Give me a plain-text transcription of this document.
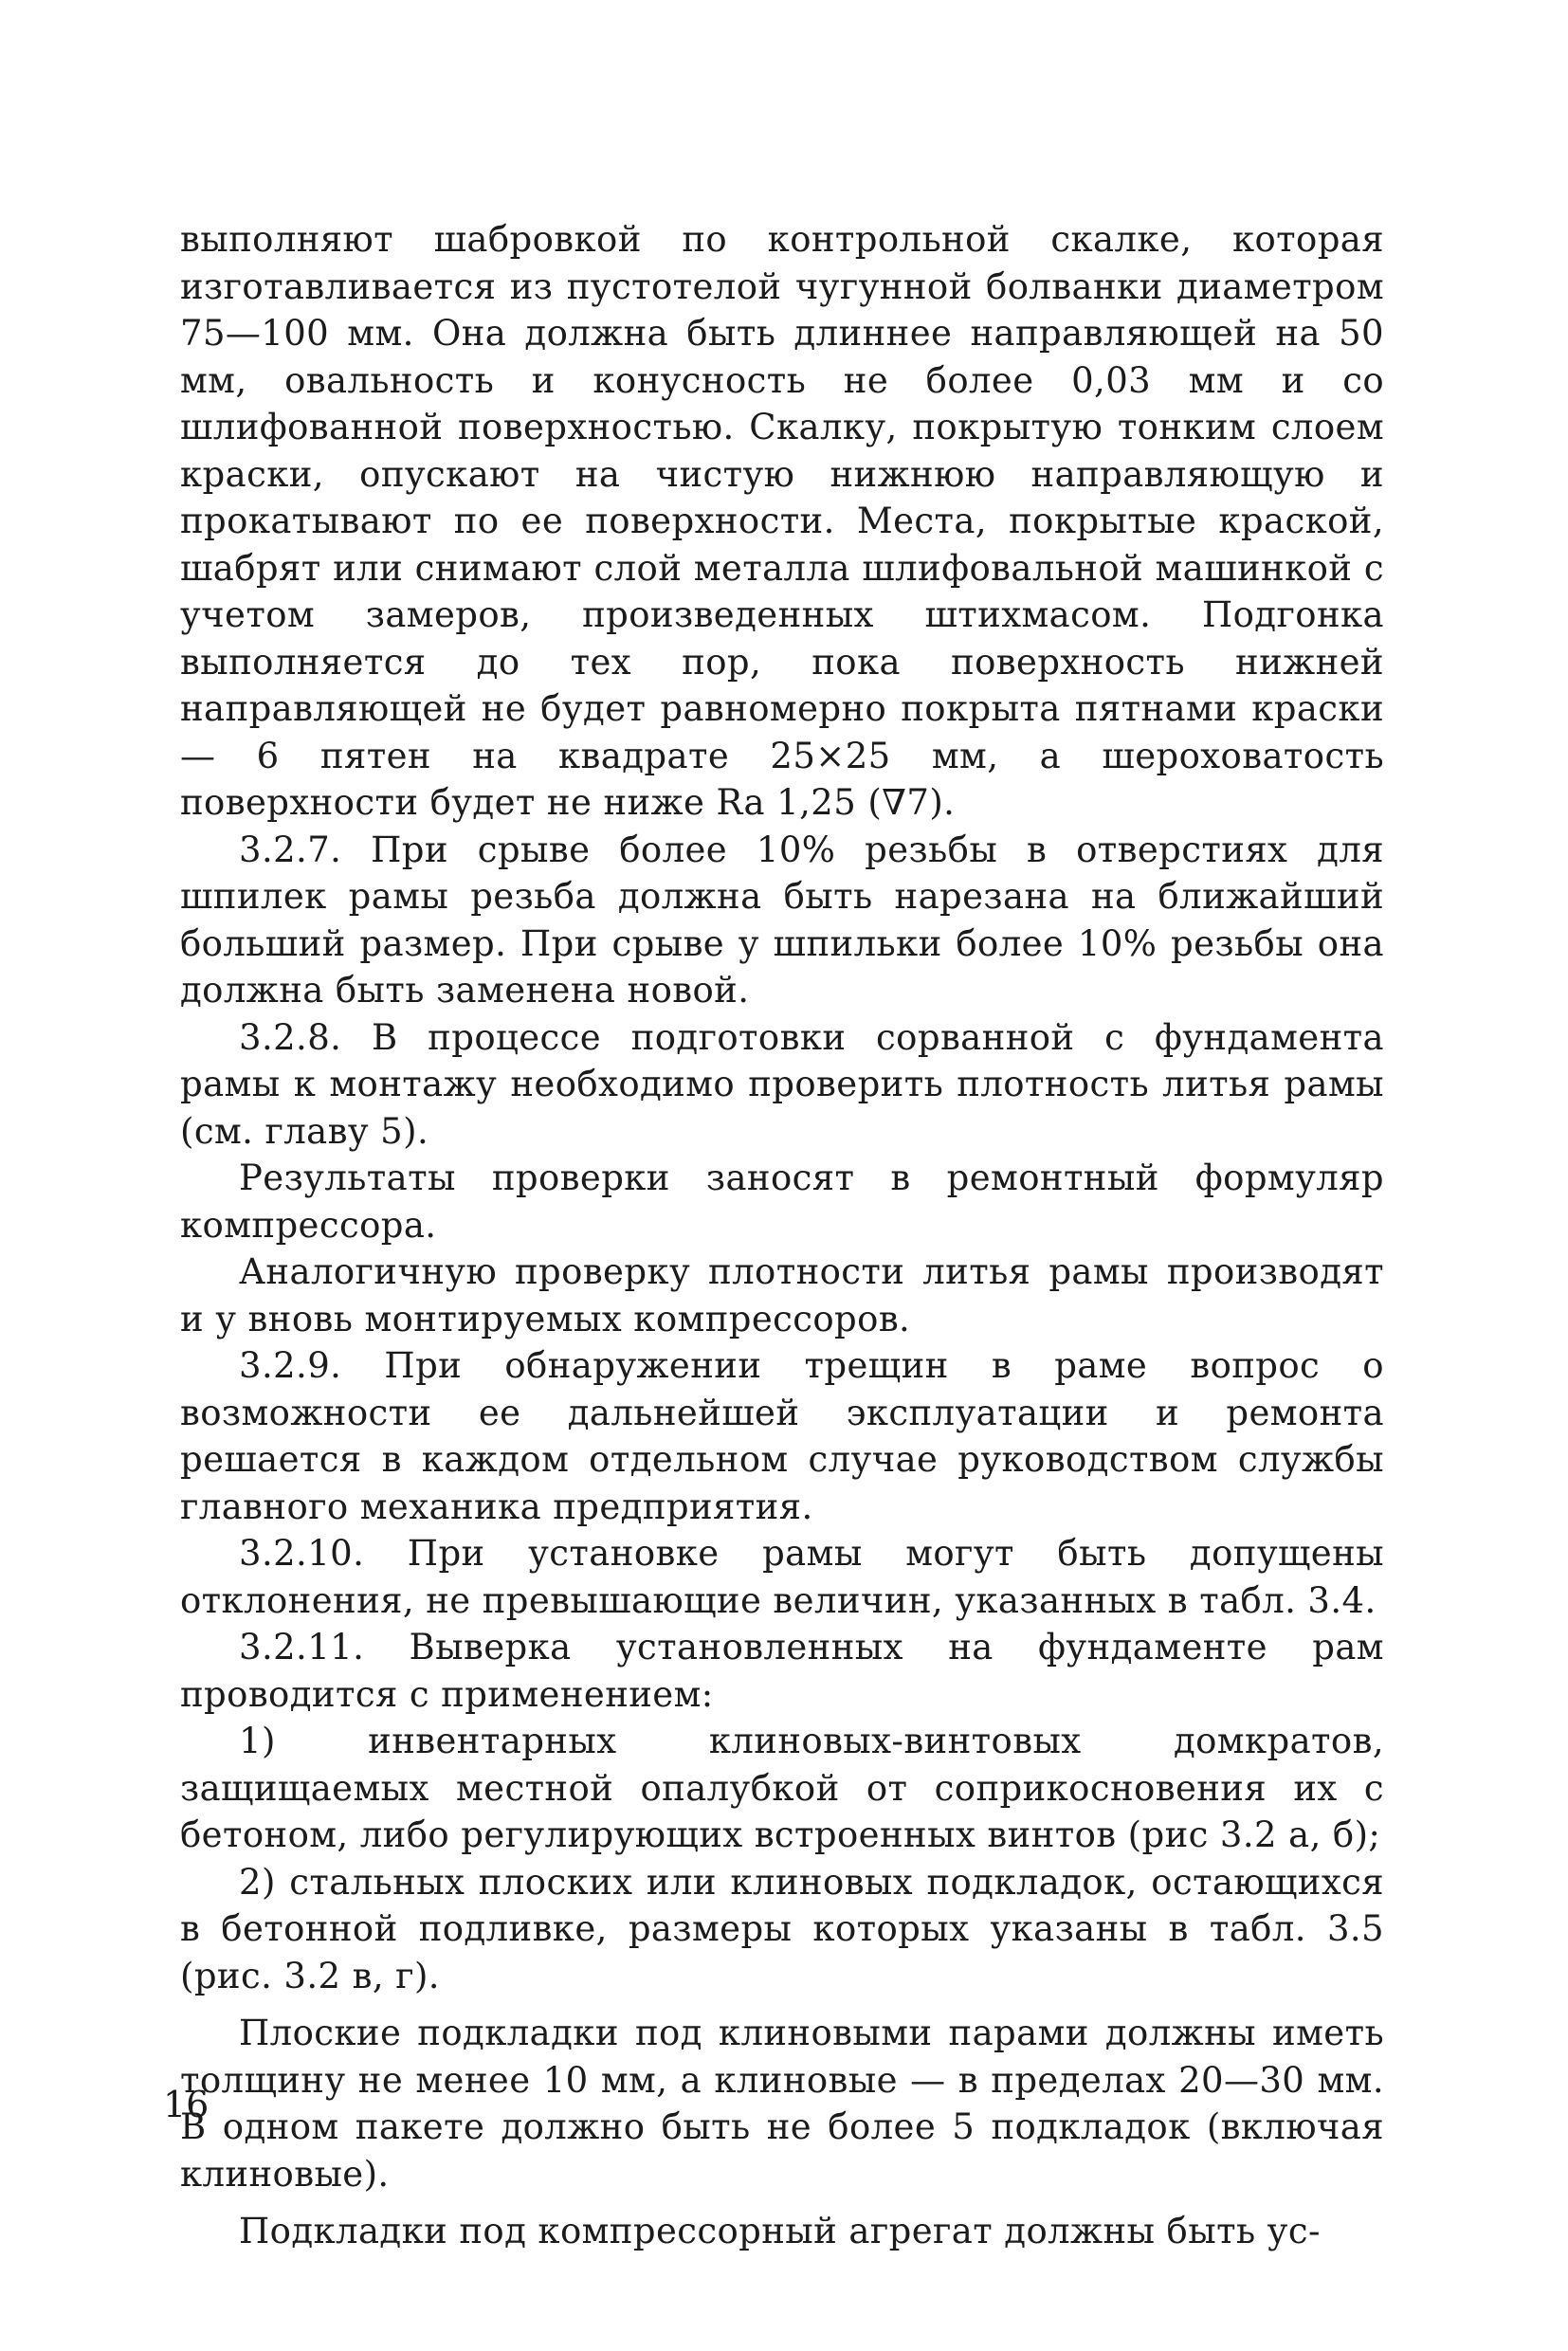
выполняют шабровкой по контрольной скалке, которая изготавливается из пустотелой чугунной болванки диаметром 75—100 мм. Она должна быть длиннее направляющей на 50 мм, овальность и конусность не более 0,03 мм и со шлифованной поверхностью. Скалку, покрытую тонким слоем краски, опускают на чистую нижнюю направляющую и прокатывают по ее поверхности. Места, покрытые краской, шабрят или снимают слой металла шлифовальной машинкой с учетом замеров, произведенных штихмасом. Подгонка выполняется до тех пор, пока поверхность нижней направляющей не будет равномерно покрыта пятнами краски — 6 пятен на квадрате 25×25 мм, а шероховатость поверхности будет не ниже Ra 1,25 (∇7).

3.2.7. При срыве более 10% резьбы в отверстиях для шпилек рамы резьба должна быть нарезана на ближайший больший размер. При срыве у шпильки более 10% резьбы она должна быть заменена новой.

3.2.8. В процессе подготовки сорванной с фундамента рамы к монтажу необходимо проверить плотность литья рамы (см. главу 5).

Результаты проверки заносят в ремонтный формуляр компрессора.

Аналогичную проверку плотности литья рамы производят и у вновь монтируемых компрессоров.

3.2.9. При обнаружении трещин в раме вопрос о возможности ее дальнейшей эксплуатации и ремонта решается в каждом отдельном случае руководством службы главного механика предприятия.

3.2.10. При установке рамы могут быть допущены отклонения, не превышающие величин, указанных в табл. 3.4.

3.2.11. Выверка установленных на фундаменте рам проводится с применением:

1) инвентарных клиновых-винтовых домкратов, защищаемых местной опалубкой от соприкосновения их с бетоном, либо регулирующих встроенных винтов (рис 3.2 а, б);

2) стальных плоских или клиновых подкладок, остающихся в бетонной подливке, размеры которых указаны в табл. 3.5 (рис. 3.2 в, г).

Плоские подкладки под клиновыми парами должны иметь толщину не менее 10 мм, а клиновые — в пределах 20—30 мм. В одном пакете должно быть не более 5 подкладок (включая клиновые).

Подкладки под компрессорный агрегат должны быть ус-

16
